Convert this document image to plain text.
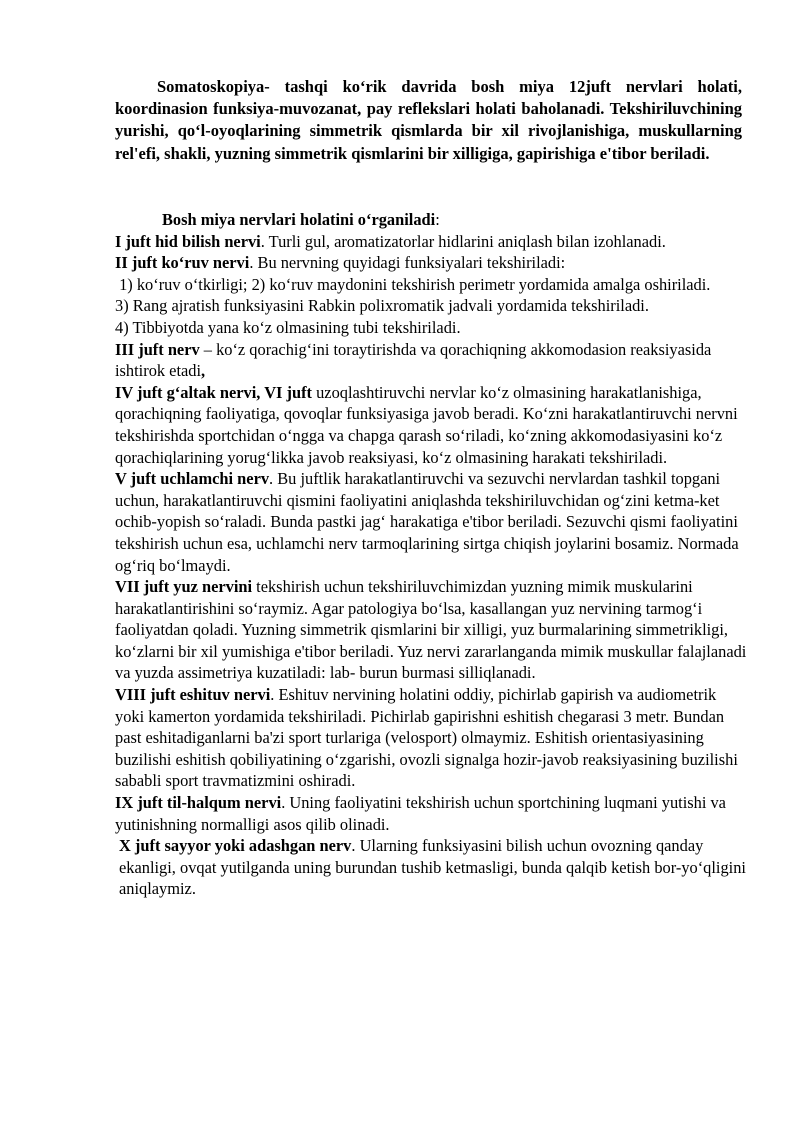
Somatoskopiya- tashqi koʻrik davrida bosh miya 12juft nervlari holati, koordinasion funksiya-muvozanat, pay reflekslari holati baholanadi. Tekshiriluvchining yurishi, qoʻl-oyoqlarining simmetrik qismlarda bir xil rivojlanishiga, muskullarning rel'efi, shakli, yuzning simmetrik qismlarini bir xilligiga, gapirishiga e'tibor beriladi.

Bosh miya nervlari holatini oʻrganiladi:

I juft hid bilish nervi. Turli gul, aromatizatorlar hidlarini aniqlash bilan izohlanadi.

II juft koʻruv nervi. Bu nervning quyidagi funksiyalari tekshiriladi:

1) koʻruv oʻtkirligi; 2) koʻruv maydonini tekshirish perimetr yordamida amalga oshiriladi.

3) Rang ajratish funksiyasini Rabkin polixromatik jadvali yordamida tekshiriladi.

4) Tibbiyotda yana koʻz olmasining tubi tekshiriladi.

III juft nerv – koʻz qorachigʻini toraytirishda va qorachiqning akkomodasion reaksiyasida ishtirok etadi,

IV juft gʻaltak nervi, VI juft uzoqlashtiruvchi nervlar koʻz olmasining harakatlanishiga, qorachiqning faoliyatiga, qovoqlar funksiyasiga javob beradi. Koʻzni harakatlantiruvchi nervni tekshirishda sportchidan oʻngga va chapga qarash soʻriladi, koʻzning akkomodasiyasini koʻz qorachiqlarining yorugʻlikka javob reaksiyasi, koʻz olmasining harakati tekshiriladi.

V juft uchlamchi nerv. Bu juftlik harakatlantiruvchi va sezuvchi nervlardan tashkil topgani uchun, harakatlantiruvchi qismini faoliyatini aniqlashda tekshiriluvchidan ogʻzini ketma-ket ochib-yopish soʻraladi. Bunda pastki jagʻ harakatiga e'tibor beriladi. Sezuvchi qismi faoliyatini tekshirish uchun esa, uchlamchi nerv tarmoqlarining sirtga chiqish joylarini bosamiz. Normada ogʻriq boʻlmaydi.

VII juft yuz nervini tekshirish uchun tekshiriluvchimizdan yuzning mimik muskularini harakatlantirishini soʻraymiz. Agar patologiya boʻlsa, kasallangan yuz nervining tarmogʻi faoliyatdan qoladi. Yuzning simmetrik qismlarini bir xilligi, yuz burmalarining simmetrikligi, koʻzlarni bir xil yumishiga e'tibor beriladi. Yuz nervi zararlanganda mimik muskullar falajlanadi va yuzda assimetriya kuzatiladi: lab- burun burmasi silliqlanadi.

VIII juft eshituv nervi. Eshituv nervining holatini oddiy, pichirlab gapirish va audiometrik yoki kamerton yordamida tekshiriladi. Pichirlab gapirishni eshitish chegarasi 3 metr. Bundan past eshitadiganlarni ba'zi sport turlariga (velosport) olmaymiz. Eshitish orientasiyasining buzilishi eshitish qobiliyatining oʻzgarishi, ovozli signalga hozir-javob reaksiyasining buzilishi sababli sport travmatizmini oshiradi.

IX juft til-halqum nervi. Uning faoliyatini tekshirish uchun sportchining luqmani yutishi va yutinishning normalligi asos qilib olinadi.

X juft sayyor yoki adashgan nerv. Ularning funksiyasini bilish uchun ovozning qanday ekanligi, ovqat yutilganda uning burundan tushib ketmasligi, bunda qalqib ketish bor-yoʻqligini aniqlaymiz.
